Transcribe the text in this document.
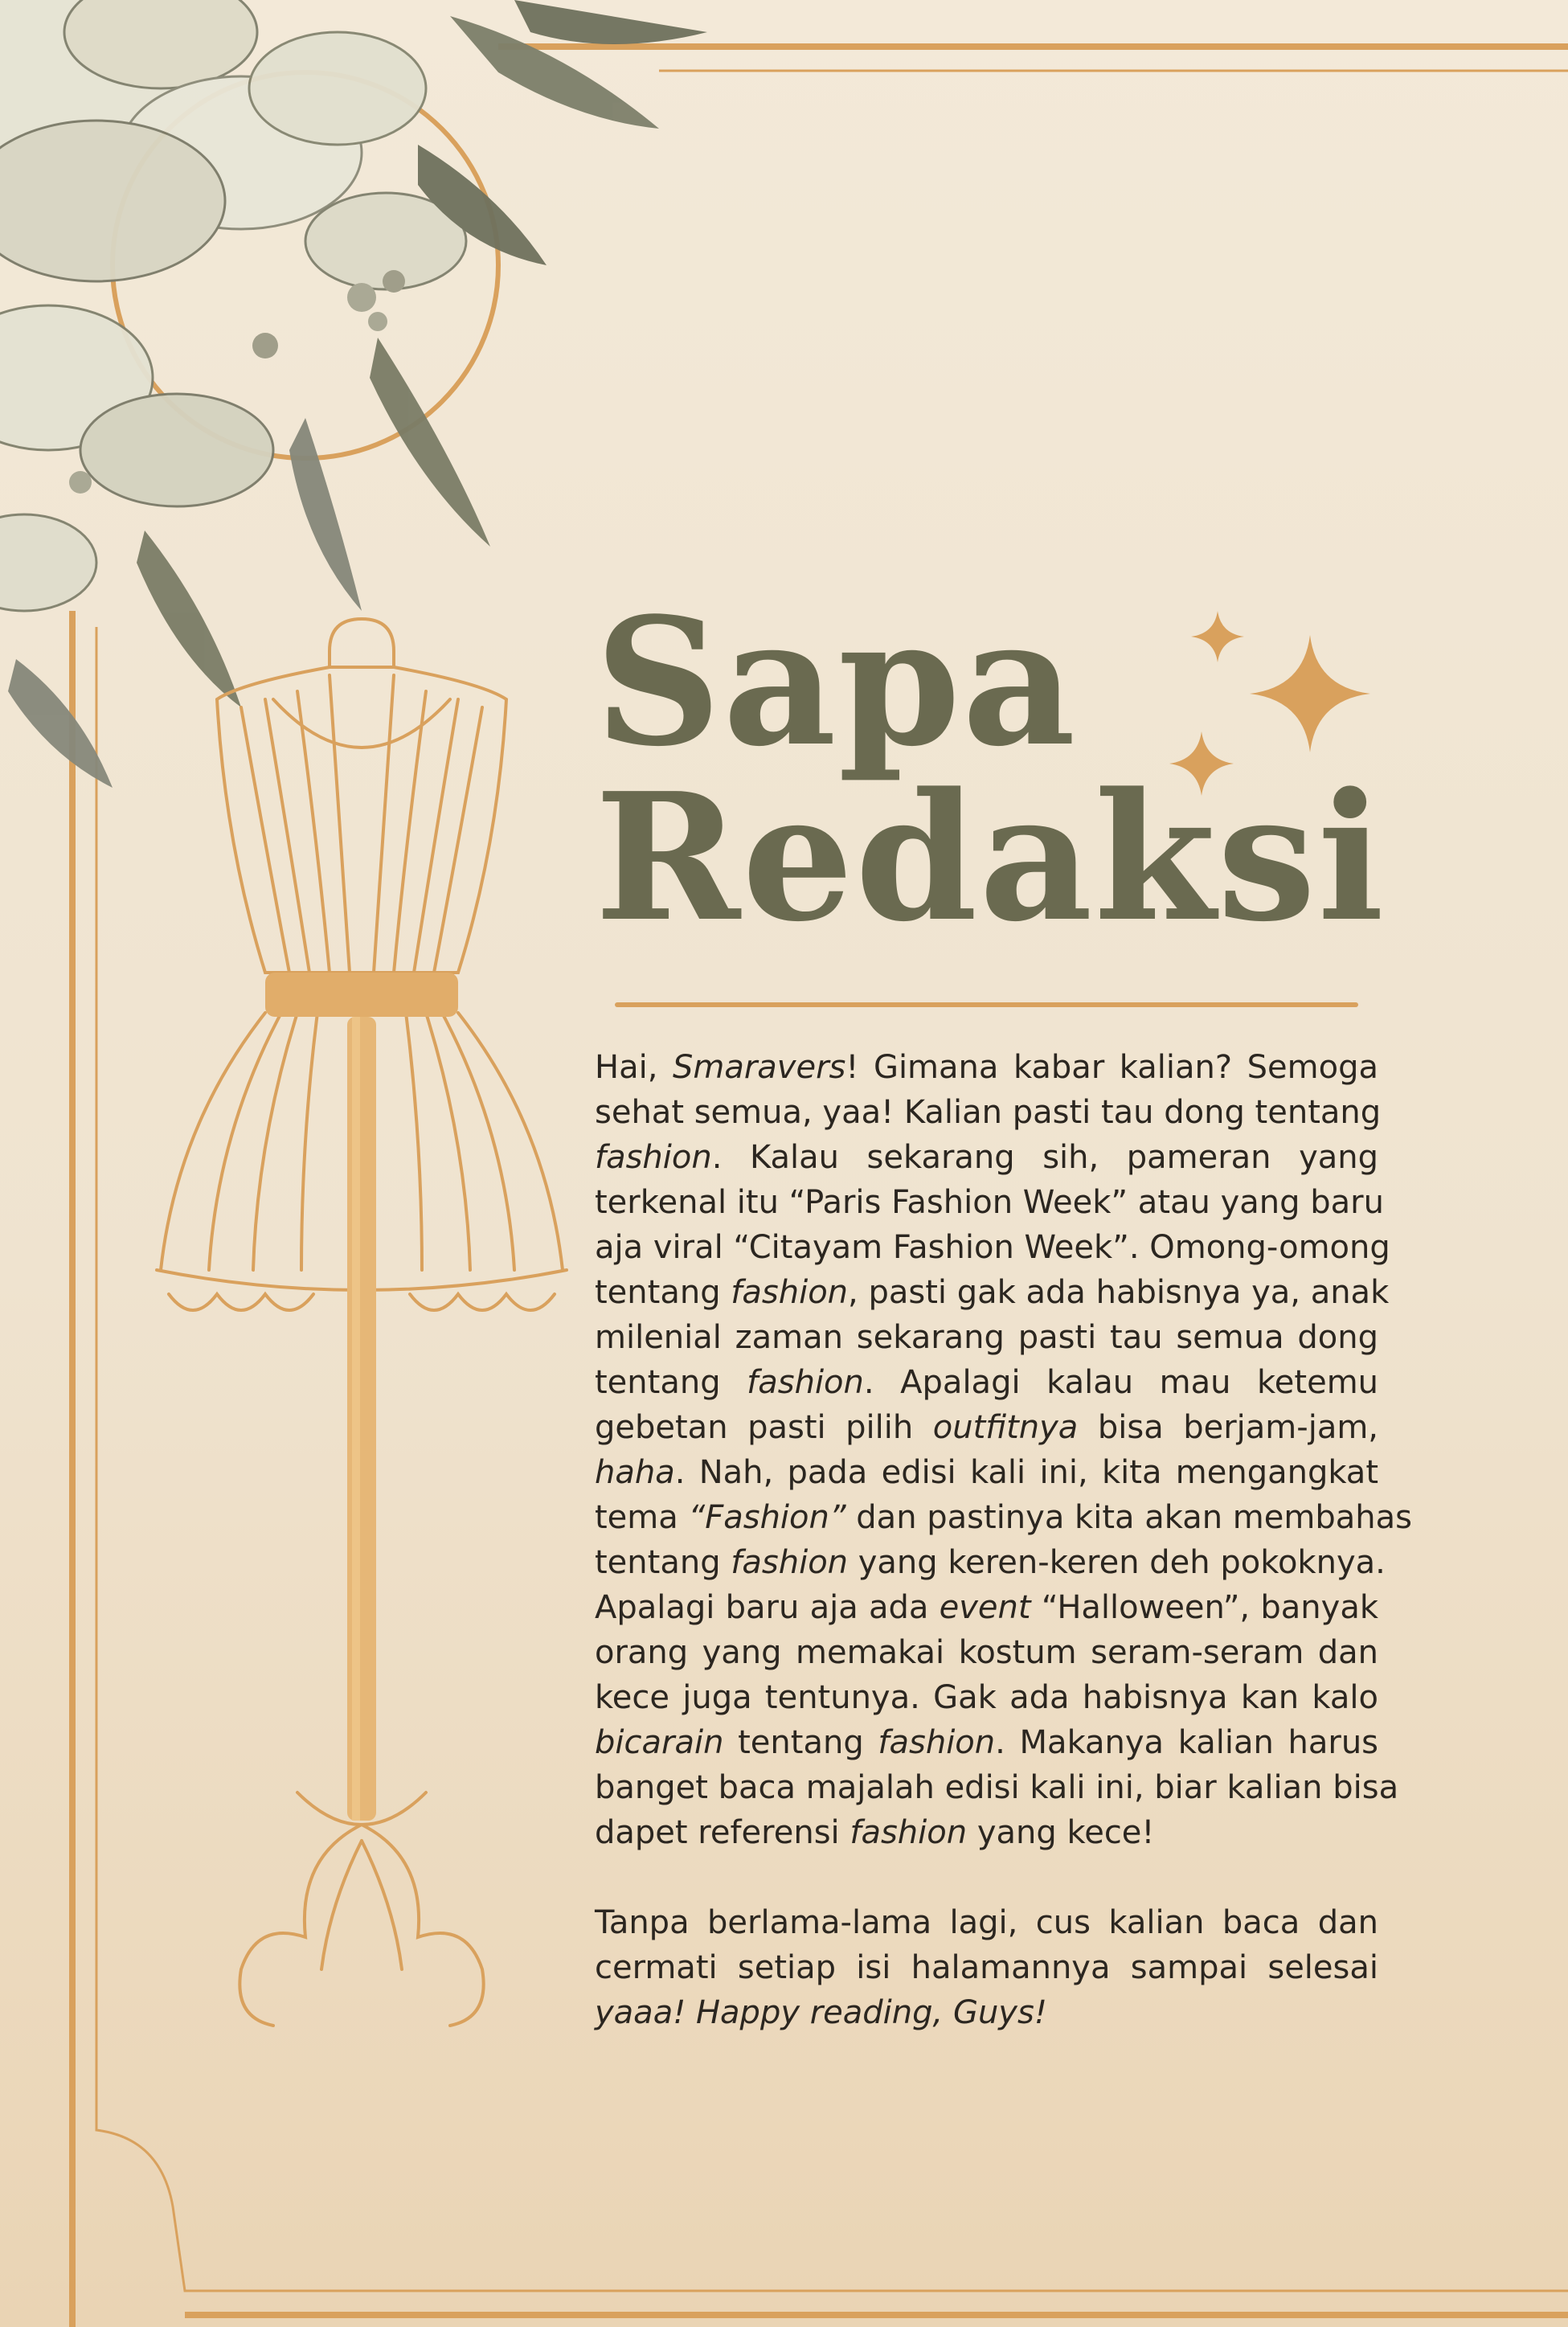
Sapa
Redaksi

Hai, Smaravers! Gimana kabar kalian? Semoga
sehat semua, yaa! Kalian pasti tau dong tentang
fashion. Kalau sekarang sih, pameran yang
terkenal itu “Paris Fashion Week” atau yang baru
aja viral “Citayam Fashion Week”. Omong-omong
tentang fashion, pasti gak ada habisnya ya, anak
milenial zaman sekarang pasti tau semua dong
tentang fashion. Apalagi kalau mau ketemu
gebetan pasti pilih outfitnya bisa berjam-jam,
haha. Nah, pada edisi kali ini, kita mengangkat
tema “Fashion” dan pastinya kita akan membahas
tentang fashion yang keren-keren deh pokoknya.
Apalagi baru aja ada event “Halloween”, banyak
orang yang memakai kostum seram-seram dan
kece juga tentunya. Gak ada habisnya kan kalo
bicarain tentang fashion. Makanya kalian harus
banget baca majalah edisi kali ini, biar kalian bisa
dapet referensi fashion yang kece!

Tanpa berlama-lama lagi, cus kalian baca dan
cermati setiap isi halamannya sampai selesai
yaaa! Happy reading, Guys!
